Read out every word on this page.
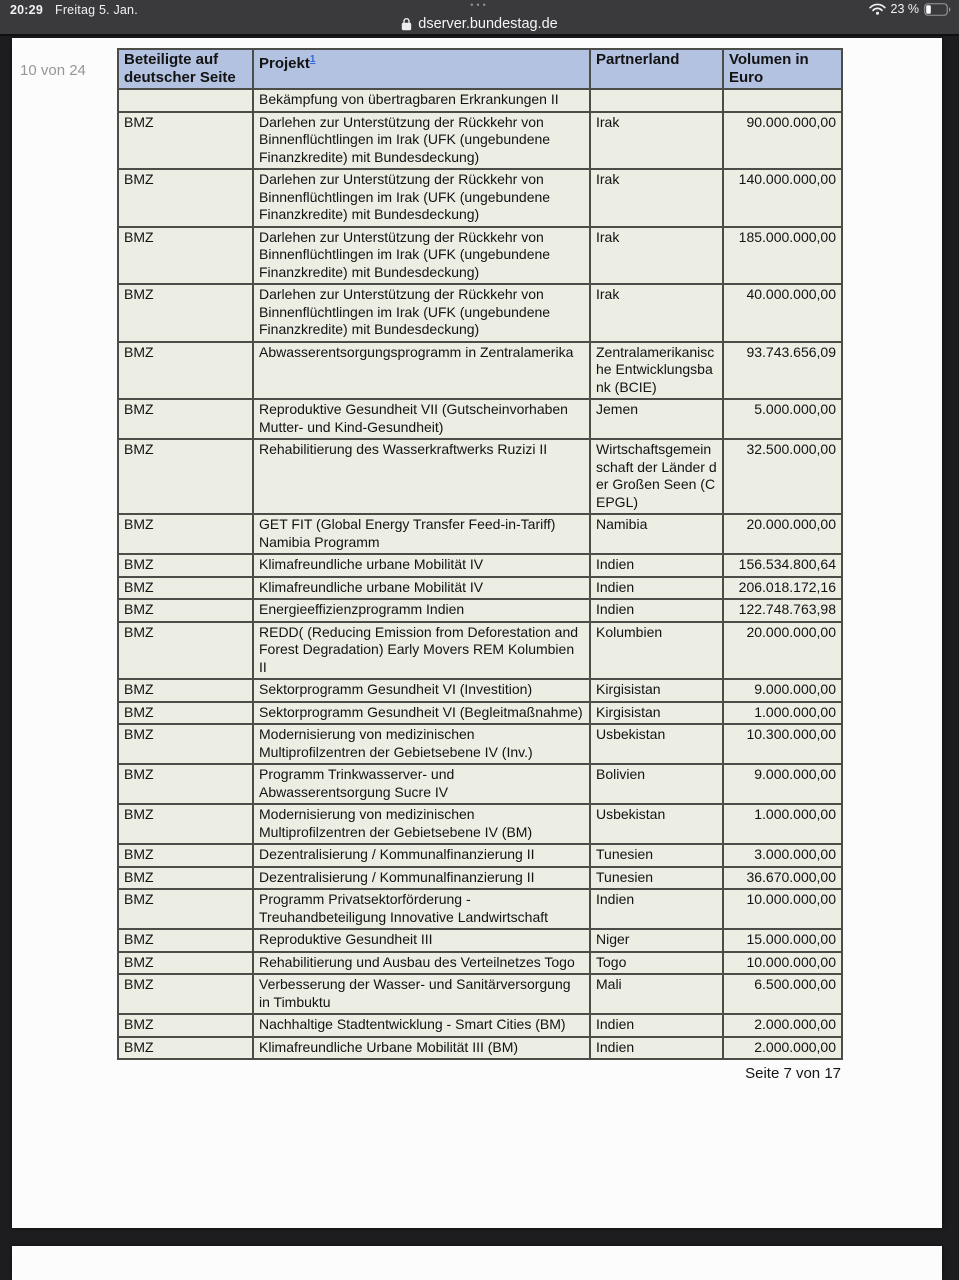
20:29 Freitag 5. Jan.	•••	23 %
dserver.bundestag.de
10 von 24
Beteiligte auf deutscher Seite	Projekt$^1$	Partnerland	Volumen in Euro
	Bekämpfung von übertragbaren Erkrankungen II		
BMZ	Darlehen zur Unterstützung der Rückkehr von Binnenflüchtlingen im Irak (UFK (ungebundene Finanzkredite) mit Bundesdeckung)	Irak	90.000.000,00
BMZ	Darlehen zur Unterstützung der Rückkehr von Binnenflüchtlingen im Irak (UFK (ungebundene Finanzkredite) mit Bundesdeckung)	Irak	140.000.000,00
BMZ	Darlehen zur Unterstützung der Rückkehr von Binnenflüchtlingen im Irak (UFK (ungebundene Finanzkredite) mit Bundesdeckung)	Irak	185.000.000,00
BMZ	Darlehen zur Unterstützung der Rückkehr von Binnenflüchtlingen im Irak (UFK (ungebundene Finanzkredite) mit Bundesdeckung)	Irak	40.000.000,00
BMZ	Abwasserentsorgungsprogramm in Zentralamerika	Zentralamerikanische Entwicklungsbank (BCIE)	93.743.656,09
BMZ	Reproduktive Gesundheit VII (Gutscheinvorhaben Mutter- und Kind-Gesundheit)	Jemen	5.000.000,00
BMZ	Rehabilitierung des Wasserkraftwerks Ruzizi II	Wirtschaftsgemeinschaft der Länder der Großen Seen (CEPGL)	32.500.000,00
BMZ	GET FIT (Global Energy Transfer Feed-in-Tariff) Namibia Programm	Namibia	20.000.000,00
BMZ	Klimafreundliche urbane Mobilität IV	Indien	156.534.800,64
BMZ	Klimafreundliche urbane Mobilität IV	Indien	206.018.172,16
BMZ	Energieeffizienzprogramm Indien	Indien	122.748.763,98
BMZ	REDD( (Reducing Emission from Deforestation and Forest Degradation) Early Movers REM Kolumbien II	Kolumbien	20.000.000,00
BMZ	Sektorprogramm Gesundheit VI (Investition)	Kirgisistan	9.000.000,00
BMZ	Sektorprogramm Gesundheit VI (Begleitmaßnahme)	Kirgisistan	1.000.000,00
BMZ	Modernisierung von medizinischen Multiprofilzentren der Gebietsebene IV (Inv.)	Usbekistan	10.300.000,00
BMZ	Programm Trinkwasserver- und Abwasserentsorgung Sucre IV	Bolivien	9.000.000,00
BMZ	Modernisierung von medizinischen Multiprofilzentren der Gebietsebene IV (BM)	Usbekistan	1.000.000,00
BMZ	Dezentralisierung / Kommunalfinanzierung II	Tunesien	3.000.000,00
BMZ	Dezentralisierung / Kommunalfinanzierung II	Tunesien	36.670.000,00
BMZ	Programm Privatsektorförderung - Treuhandbeteiligung Innovative Landwirtschaft	Indien	10.000.000,00
BMZ	Reproduktive Gesundheit III	Niger	15.000.000,00
BMZ	Rehabilitierung und Ausbau des Verteilnetzes Togo	Togo	10.000.000,00
BMZ	Verbesserung der Wasser- und Sanitärversorgung in Timbuktu	Mali	6.500.000,00
BMZ	Nachhaltige Stadtentwicklung - Smart Cities (BM)	Indien	2.000.000,00
BMZ	Klimafreundliche Urbane Mobilität III (BM)	Indien	2.000.000,00
Seite 7 von 17
